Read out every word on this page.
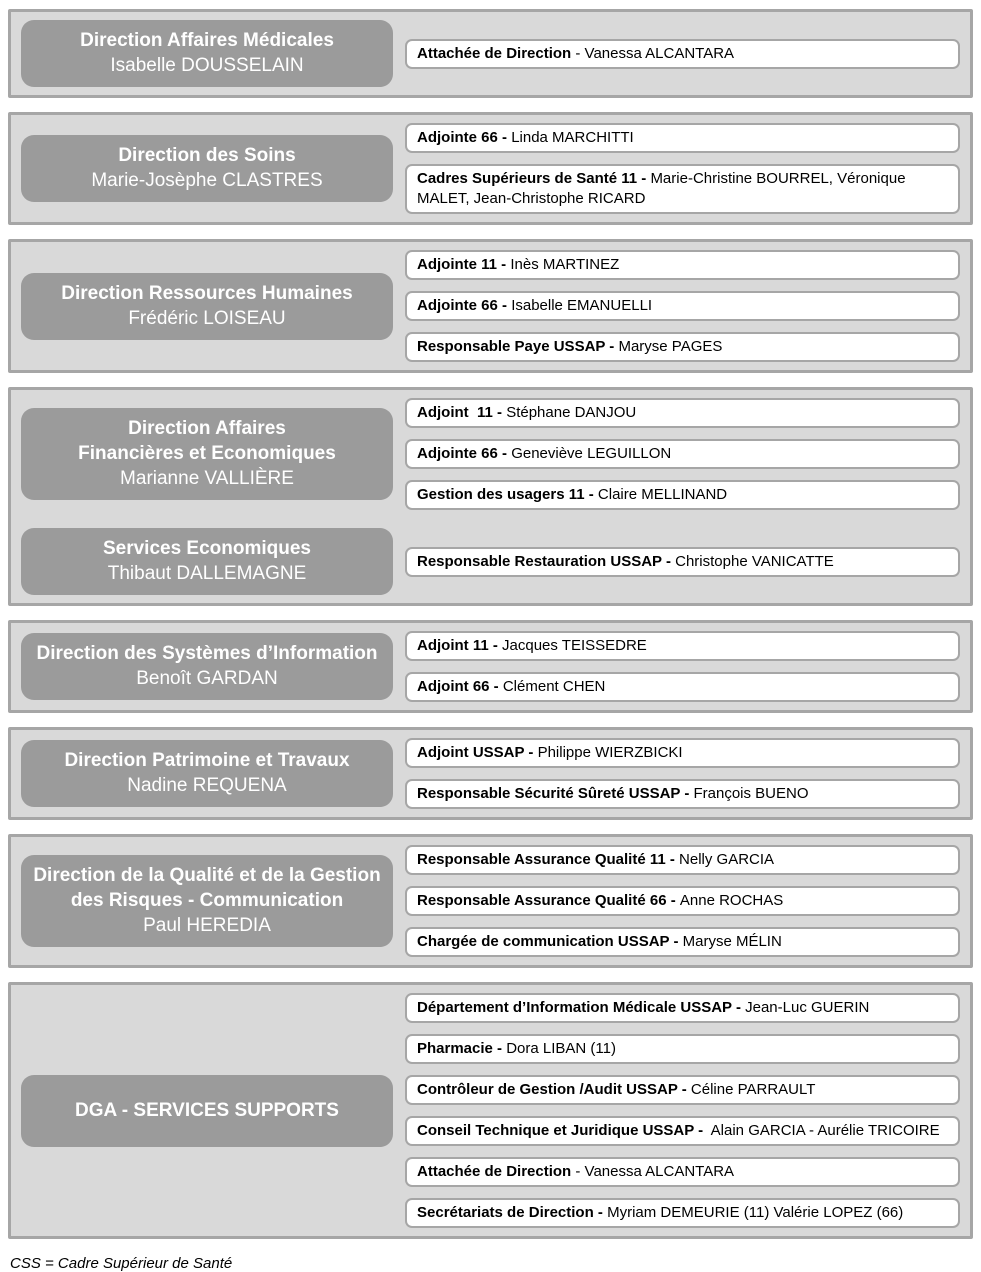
Direction Affaires Médicales
Isabelle DOUSSELAIN
Attachée de Direction - Vanessa ALCANTARA
Direction des Soins
Marie-Josèphe CLASTRES
Adjointe 66 - Linda MARCHITTI
Cadres Supérieurs de Santé 11 - Marie-Christine BOURREL, Véronique MALET, Jean-Christophe RICARD
Direction Ressources Humaines
Frédéric LOISEAU
Adjointe 11 - Inès MARTINEZ
Adjointe 66 - Isabelle EMANUELLI
Responsable Paye USSAP - Maryse PAGES
Direction Affaires
Financières et Economiques
Marianne VALLIÈRE
Adjoint  11 - Stéphane DANJOU
Adjointe 66 - Geneviève LEGUILLON
Gestion des usagers 11 - Claire MELLINAND
Services Economiques
Thibaut DALLEMAGNE
Responsable Restauration USSAP - Christophe VANICATTE
Direction des Systèmes d’Information
Benoît GARDAN
Adjoint 11 - Jacques TEISSEDRE
Adjoint 66 - Clément CHEN
Direction Patrimoine et Travaux
Nadine REQUENA
Adjoint USSAP - Philippe WIERZBICKI
Responsable Sécurité Sûreté USSAP - François BUENO
Direction de la Qualité et de la Gestion
des Risques - Communication
Paul HEREDIA
Responsable Assurance Qualité 11 - Nelly GARCIA
Responsable Assurance Qualité 66 - Anne ROCHAS
Chargée de communication USSAP - Maryse MÉLIN
DGA - SERVICES SUPPORTS
Département d’Information Médicale USSAP - Jean-Luc GUERIN
Pharmacie - Dora LIBAN (11)
Contrôleur de Gestion /Audit USSAP - Céline PARRAULT
Conseil Technique et Juridique USSAP -  Alain GARCIA - Aurélie TRICOIRE
Attachée de Direction - Vanessa ALCANTARA
Secrétariats de Direction - Myriam DEMEURIE (11) Valérie LOPEZ (66)
CSS = Cadre Supérieur de Santé
